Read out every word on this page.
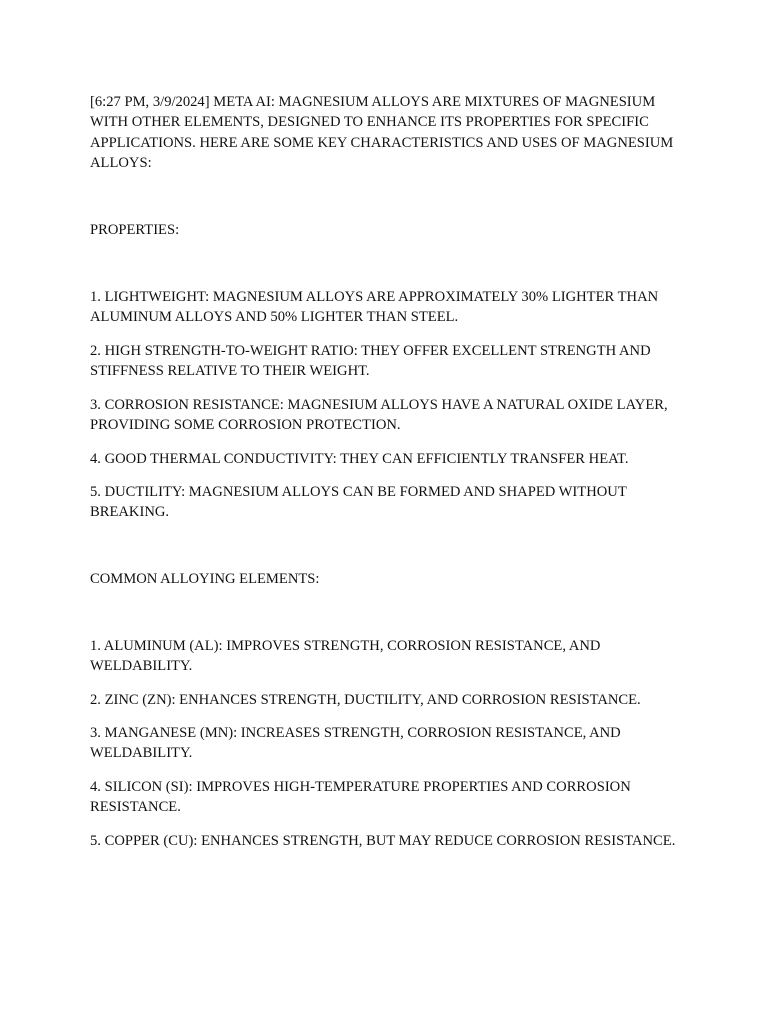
[6:27 PM, 3/9/2024] META AI: MAGNESIUM ALLOYS ARE MIXTURES OF MAGNESIUM WITH OTHER ELEMENTS, DESIGNED TO ENHANCE ITS PROPERTIES FOR SPECIFIC APPLICATIONS. HERE ARE SOME KEY CHARACTERISTICS AND USES OF MAGNESIUM ALLOYS:

PROPERTIES:

1. LIGHTWEIGHT: MAGNESIUM ALLOYS ARE APPROXIMATELY 30% LIGHTER THAN ALUMINUM ALLOYS AND 50% LIGHTER THAN STEEL.

2. HIGH STRENGTH-TO-WEIGHT RATIO: THEY OFFER EXCELLENT STRENGTH AND STIFFNESS RELATIVE TO THEIR WEIGHT.

3. CORROSION RESISTANCE: MAGNESIUM ALLOYS HAVE A NATURAL OXIDE LAYER, PROVIDING SOME CORROSION PROTECTION.

4. GOOD THERMAL CONDUCTIVITY: THEY CAN EFFICIENTLY TRANSFER HEAT.

5. DUCTILITY: MAGNESIUM ALLOYS CAN BE FORMED AND SHAPED WITHOUT BREAKING.

COMMON ALLOYING ELEMENTS:

1. ALUMINUM (AL): IMPROVES STRENGTH, CORROSION RESISTANCE, AND WELDABILITY.

2. ZINC (ZN): ENHANCES STRENGTH, DUCTILITY, AND CORROSION RESISTANCE.

3. MANGANESE (MN): INCREASES STRENGTH, CORROSION RESISTANCE, AND WELDABILITY.

4. SILICON (SI): IMPROVES HIGH-TEMPERATURE PROPERTIES AND CORROSION RESISTANCE.

5. COPPER (CU): ENHANCES STRENGTH, BUT MAY REDUCE CORROSION RESISTANCE.
